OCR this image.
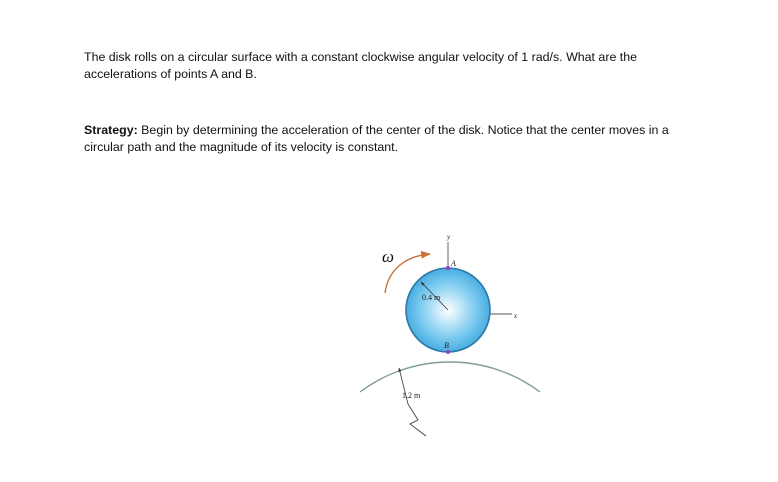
The disk rolls on a circular surface with a constant clockwise angular velocity of 1 rad/s. What are the accelerations of points A and B.

Strategy: Begin by determining the acceleration of the center of the disk. Notice that the center moves in a circular path and the magnitude of its velocity is constant.

1.2 m
y
x
0.4 m
A
B
ω
